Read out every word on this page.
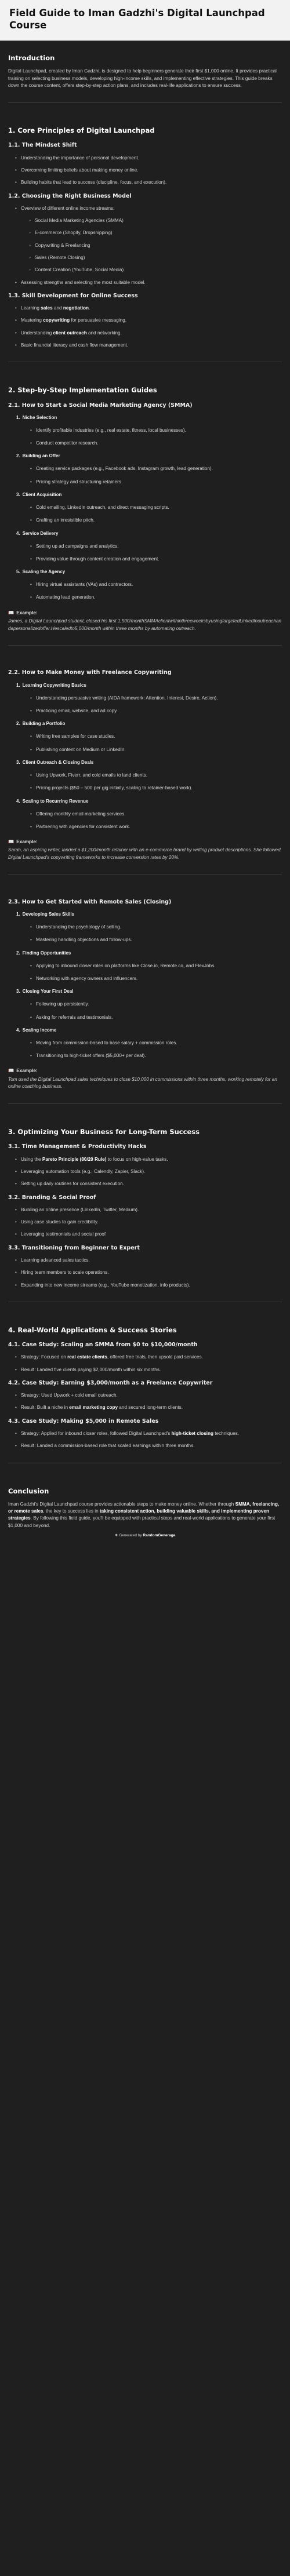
Field Guide to Iman Gadzhi's Digital Launchpad Course
Introduction

Digital Launchpad, created by Iman Gadzhi, is designed to help beginners generate their first $1,000 online. It provides practical training on selecting business models, developing high-income skills, and implementing effective strategies. This guide breaks down the course content, offers step-by-step action plans, and includes real-life applications to ensure success.

1. Core Principles of Digital Launchpad
1.1. The Mindset Shift
• Understanding the importance of personal development.
• Overcoming limiting beliefs about making money online.
• Building habits that lead to success (discipline, focus, and execution).
1.2. Choosing the Right Business Model
• Overview of different online income streams:
◦ Social Media Marketing Agencies (SMMA)
◦ E-commerce (Shopify, Dropshipping)
◦ Copywriting & Freelancing
◦ Sales (Remote Closing)
◦ Content Creation (YouTube, Social Media)
• Assessing strengths and selecting the most suitable model.
1.3. Skill Development for Online Success
• Learning sales and negotiation.
• Mastering copywriting for persuasive messaging.
• Understanding client outreach and networking.
• Basic financial literacy and cash flow management.
2. Step-by-Step Implementation Guides
2.1. How to Start a Social Media Marketing Agency (SMMA)
1. Niche Selection
• Identify profitable industries (e.g., real estate, fitness, local businesses).
• Conduct competitor research.
2. Building an Offer
• Creating service packages (e.g., Facebook ads, Instagram growth, lead generation).
• Pricing strategy and structuring retainers.
3. Client Acquisition
• Cold emailing, LinkedIn outreach, and direct messaging scripts.
• Crafting an irresistible pitch.
4. Service Delivery
• Setting up ad campaigns and analytics.
• Providing value through content creation and engagement.
5. Scaling the Agency
• Hiring virtual assistants (VAs) and contractors.
• Automating lead generation.
📖 Example:

James, a Digital Launchpad student, closed his first 1,500/monthSMMAclientwithinthreeweeksbyusingtargetedLinkedInoutreachandapersonalizedoffer.Hescaledto5,000/month within three months by automating outreach.

2.2. How to Make Money with Freelance Copywriting
1. Learning Copywriting Basics
• Understanding persuasive writing (AIDA framework: Attention, Interest, Desire, Action).
• Practicing email, website, and ad copy.
2. Building a Portfolio
• Writing free samples for case studies.
• Publishing content on Medium or LinkedIn.
3. Client Outreach & Closing Deals
• Using Upwork, Fiverr, and cold emails to land clients.
• Pricing projects ($50 – 500 per gig initially, scaling to retainer-based work).
4. Scaling to Recurring Revenue
• Offering monthly email marketing services.
• Partnering with agencies for consistent work.
📖 Example:

Sarah, an aspiring writer, landed a $1,200/month retainer with an e-commerce brand by writing product descriptions. She followed Digital Launchpad's copywriting frameworks to increase conversion rates by 20%.

2.3. How to Get Started with Remote Sales (Closing)
1. Developing Sales Skills
• Understanding the psychology of selling.
• Mastering handling objections and follow-ups.
2. Finding Opportunities
• Applying to inbound closer roles on platforms like Close.io, Remote.co, and FlexJobs.
• Networking with agency owners and influencers.
3. Closing Your First Deal
• Following up persistently.
• Asking for referrals and testimonials.
4. Scaling Income
• Moving from commission-based to base salary + commission roles.
• Transitioning to high-ticket offers ($5,000+ per deal).
📖 Example:

Tom used the Digital Launchpad sales techniques to close $10,000 in commissions within three months, working remotely for an online coaching business.

3. Optimizing Your Business for Long-Term Success
3.1. Time Management & Productivity Hacks
• Using the Pareto Principle (80/20 Rule) to focus on high-value tasks.
• Leveraging automation tools (e.g., Calendly, Zapier, Slack).
• Setting up daily routines for consistent execution.
3.2. Branding & Social Proof
• Building an online presence (LinkedIn, Twitter, Medium).
• Using case studies to gain credibility.
• Leveraging testimonials and social proof
3.3. Transitioning from Beginner to Expert
• Learning advanced sales tactics.
• Hiring team members to scale operations.
• Expanding into new income streams (e.g., YouTube monetization, info products).
4. Real-World Applications & Success Stories
4.1. Case Study: Scaling an SMMA from $0 to $10,000/month
• Strategy: Focused on real estate clients, offered free trials, then upsold paid services.
• Result: Landed five clients paying $2,000/month within six months.
4.2. Case Study: Earning $3,000/month as a Freelance Copywriter
• Strategy: Used Upwork + cold email outreach.
• Result: Built a niche in email marketing copy and secured long-term clients.
4.3. Case Study: Making $5,000 in Remote Sales
• Strategy: Applied for inbound closer roles, followed Digital Launchpad's high-ticket closing techniques.
• Result: Landed a commission-based role that scaled earnings within three months.
Conclusion

Iman Gadzhi's Digital Launchpad course provides actionable steps to make money online. Whether through SMMA, freelancing, or remote sales, the key to success lies in taking consistent action, building valuable skills, and implementing proven strategies. By following this field guide, you'll be equipped with practical steps and real-world applications to generate your first $1,000 and beyond.

❖ Generated by RandomGenerage
